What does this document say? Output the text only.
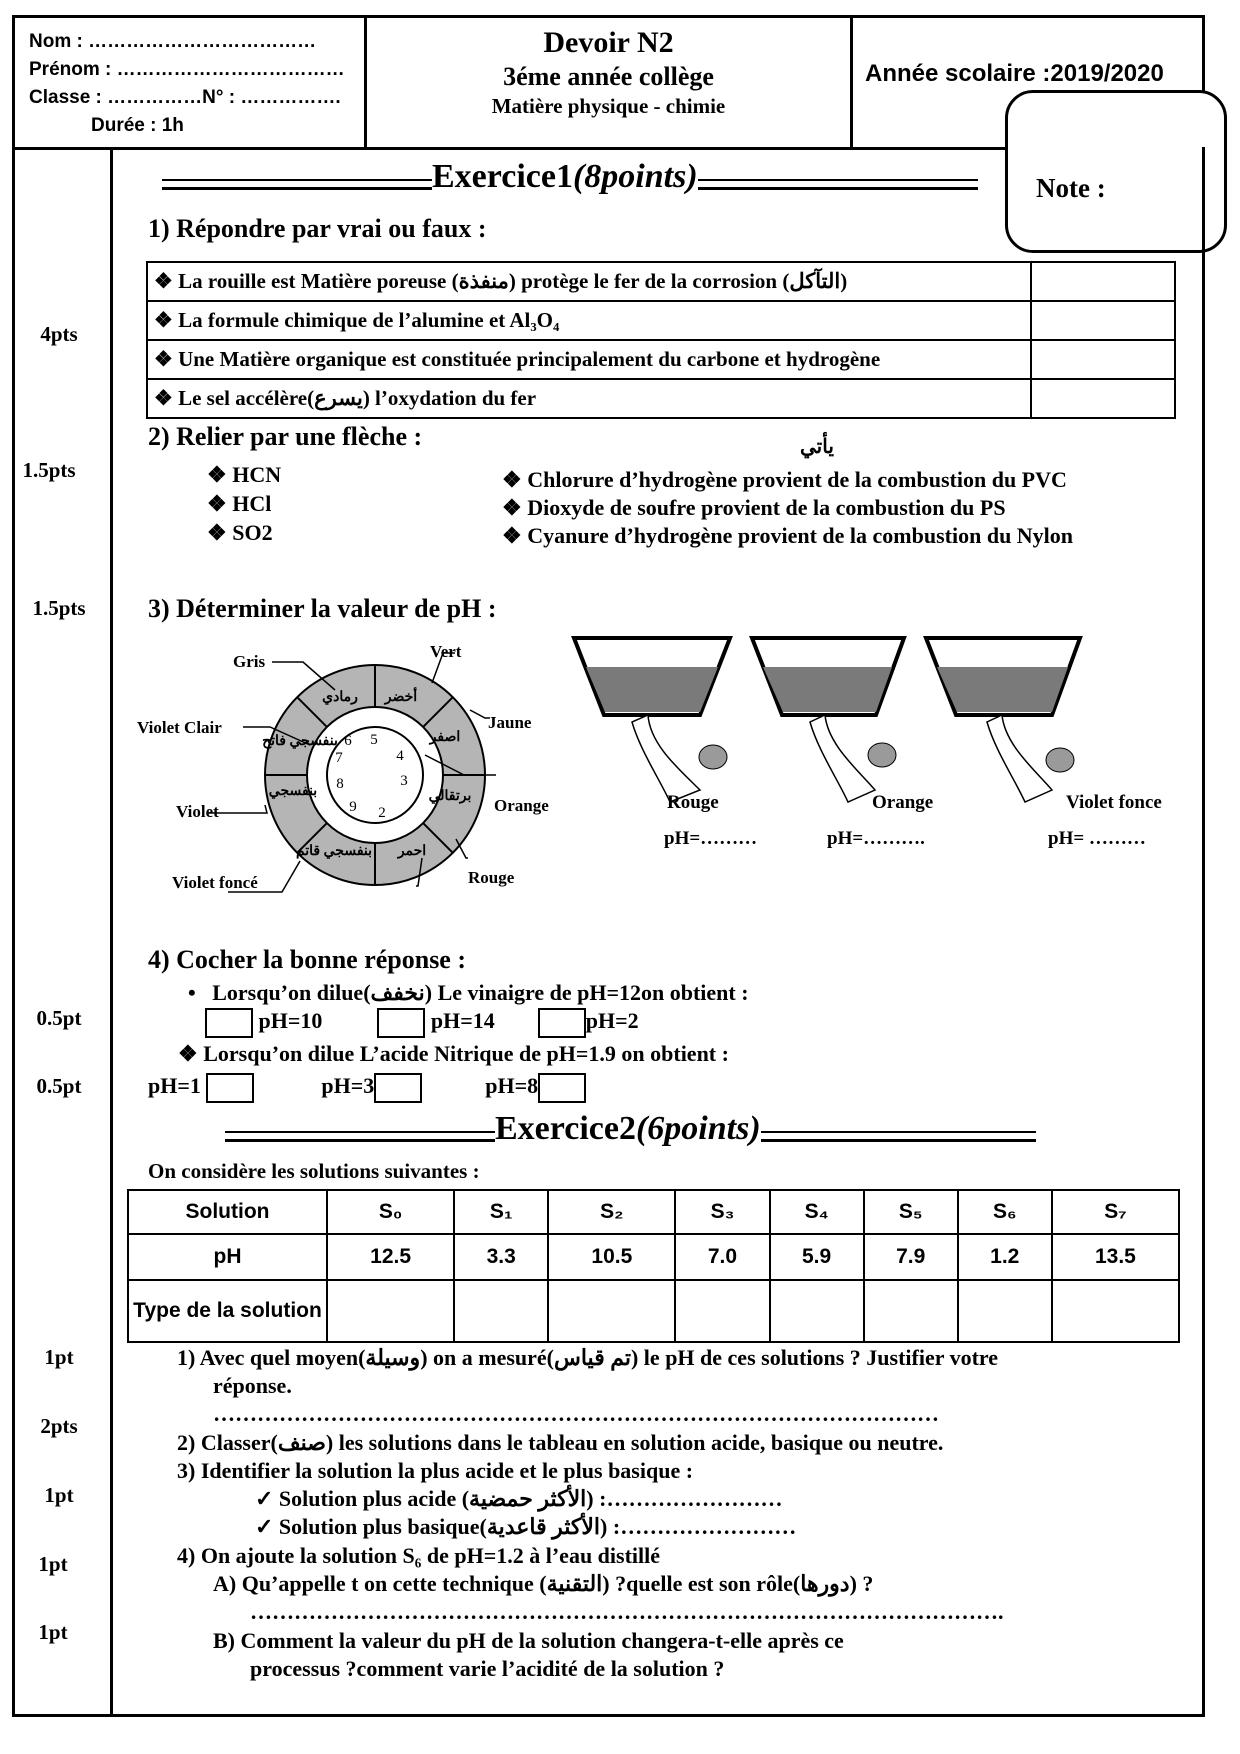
Nom : ………………………………
Prénom : ………………………………
Classe : ……………N° : …………….
Durée : 1h
Devoir N2
3éme année collège
Matière physique - chimie
Année scolaire :2019/2020
Note :
4pts
1.5pts
1.5pts
0.5pt
0.5pt
1pt
2pts
1pt
1pt
1pt
Exercice1 (8points)
1) Répondre par vrai ou faux :
❖ La rouille est Matière poreuse (منفذة) protège le fer de la corrosion (التآكل)	
❖ La formule chimique de l’alumine et Al₃O₄	
❖ Une Matière organique est constituée principalement du carbone et hydrogène	
❖ Le sel accélère(يسرع) l’oxydation du fer	
2) Relier par une flèche :	يأتي
❖ HCN
❖ HCl
❖ SO2
❖ Chlorure d’hydrogène provient de la combustion du PVC
❖ Dioxyde de soufre provient de la combustion du PS
❖ Cyanure d’hydrogène provient de la combustion du Nylon
3) Déterminer la valeur de pH :
رمادي أخضر
اصفر
برتقالي
احمر
بنفسجي قاتم
بنفسجي
بنفسجي فاتح
2
3
4
5
6
7
8
9
Gris
Vert
Violet Clair	Jaune
Violet	Orange
Violet foncé	Rouge
Rouge
pH=………
Orange
pH=……….
Violet fonce
pH= ………
4) Cocher la bonne réponse :
•   Lorsqu’on dilue(نخفف) Le vinaigre de pH=12on obtient :
pH=10	pH=14	pH=2
❖ Lorsqu’on dilue L’acide Nitrique de pH=1.9 on obtient :
pH=1	pH=3	pH=8
Exercice2 (6points)
On considère les solutions suivantes :
Solution	S₀	S₁	S₂	S₃	S₄	S₅	S₆	S₇
pH	12.5	3.3	10.5	7.0	5.9	7.9	1.2	13.5
Type de la solution								
1) Avec quel moyen(وسيلة) on a mesuré(تم قياس) le pH de ces solutions ? Justifier votre
réponse.
………………………………………………………………………………………
2) Classer(صنف) les solutions dans le tableau en solution acide, basique ou neutre.
3) Identifier la solution la plus acide et le plus basique :
✓ Solution plus acide (الأكثر حمضية) :……………………
✓ Solution plus basique(الأكثر قاعدية) :……………………
4) On ajoute la solution S₆ de pH=1.2 à l’eau distillé
A) Qu’appelle t on cette technique (التقنية) ?quelle est son rôle(دورها) ?
………………………………………………………………………………………….
B) Comment la valeur du pH de la solution changera-t-elle après ce
processus ?comment varie l’acidité de la solution ?
